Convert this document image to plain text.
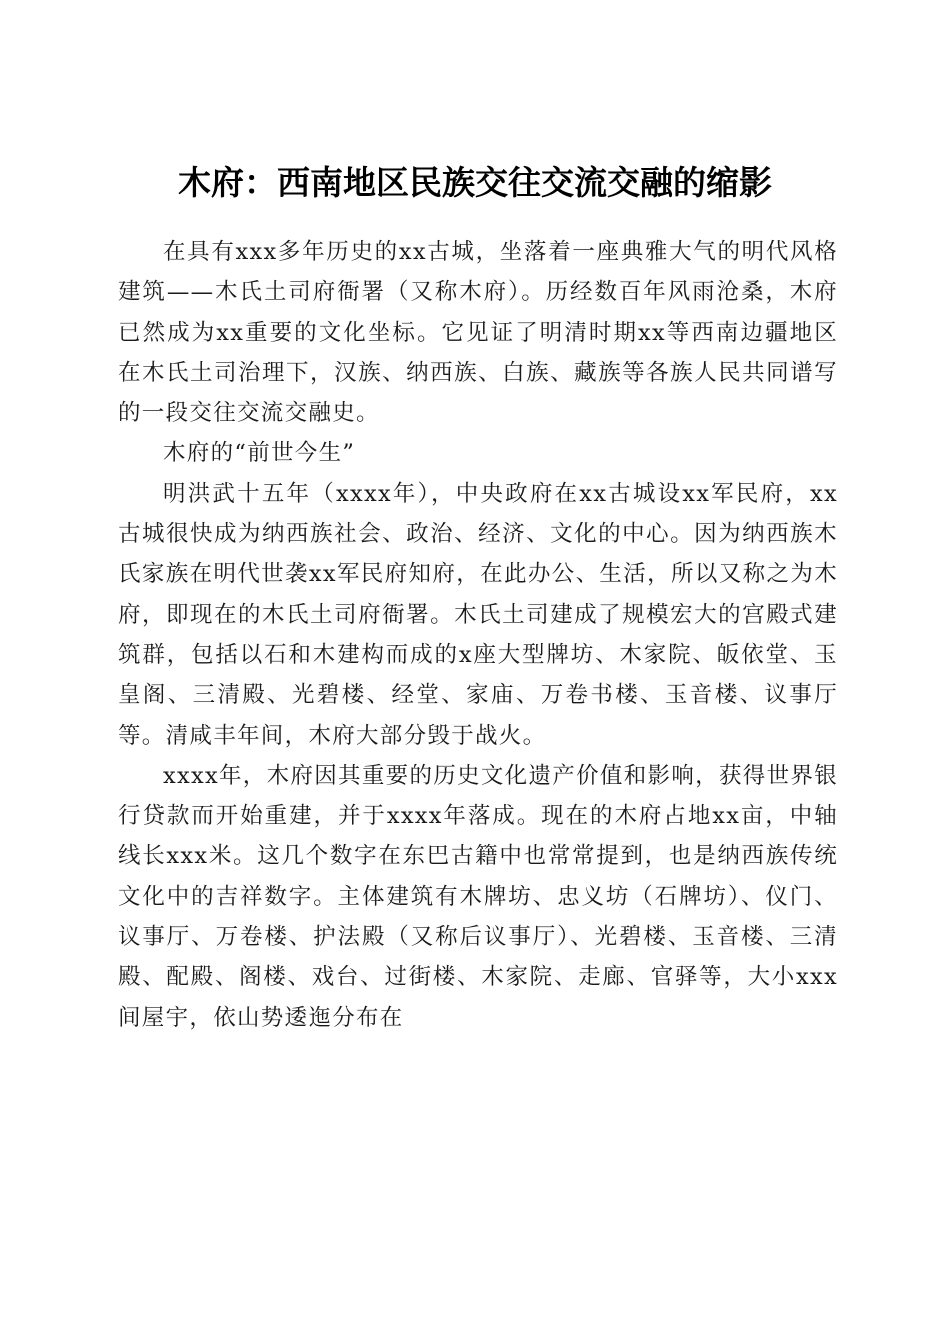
木府：西南地区民族交往交流交融的缩影

在具有xxx多年历史的xx古城，坐落着一座典雅大气的明代风格建筑——木氏土司府衙署（又称木府）。历经数百年风雨沧桑，木府已然成为xx重要的文化坐标。它见证了明清时期xx等西南边疆地区在木氏土司治理下，汉族、纳西族、白族、藏族等各族人民共同谱写的一段交往交流交融史。

木府的“前世今生”

明洪武十五年（xxxx年），中央政府在xx古城设xx军民府，xx古城很快成为纳西族社会、政治、经济、文化的中心。因为纳西族木氏家族在明代世袭xx军民府知府，在此办公、生活，所以又称之为木府，即现在的木氏土司府衙署。木氏土司建成了规模宏大的宫殿式建筑群，包括以石和木建构而成的x座大型牌坊、木家院、皈依堂、玉皇阁、三清殿、光碧楼、经堂、家庙、万卷书楼、玉音楼、议事厅等。清咸丰年间，木府大部分毁于战火。

xxxx年，木府因其重要的历史文化遗产价值和影响，获得世界银行贷款而开始重建，并于xxxx年落成。现在的木府占地xx亩，中轴线长xxx米。这几个数字在东巴古籍中也常常提到，也是纳西族传统文化中的吉祥数字。主体建筑有木牌坊、忠义坊（石牌坊）、仪门、议事厅、万卷楼、护法殿（又称后议事厅）、光碧楼、玉音楼、三清殿、配殿、阁楼、戏台、过街楼、木家院、走廊、官驿等，大小xxx间屋宇，依山势逶迤分布在
